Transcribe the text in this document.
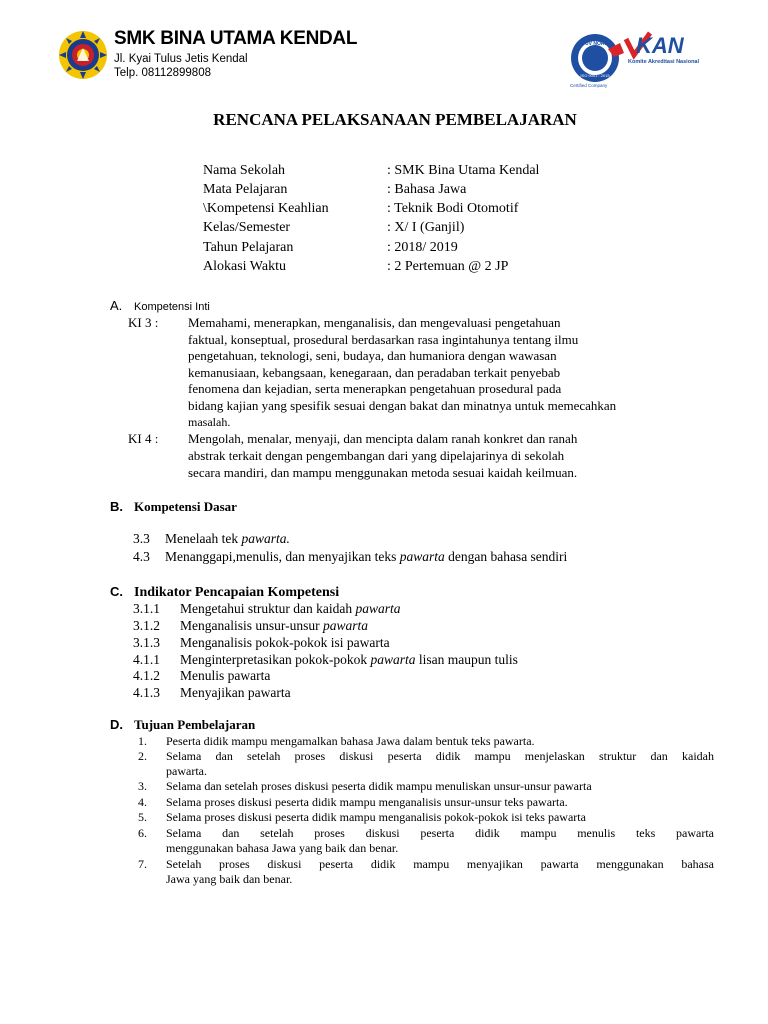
SMK BINA UTAMA KENDAL
Jl. Kyai Tulus Jetis Kendal
Telp. 08112899808
TÜV NORD
ISO 9001 : 2015
KAN
Komite Akreditasi Nasional
Certified Company
RENCANA PELAKSANAAN PEMBELAJARAN
Nama Sekolah	: SMK Bina Utama Kendal
Mata Pelajaran	: Bahasa Jawa
\Kompetensi Keahlian	: Teknik Bodi Otomotif
Kelas/Semester	: X/ I (Ganjil)
Tahun Pelajaran	: 2018/ 2019
Alokasi Waktu	: 2 Pertemuan @ 2 JP
A. Kompetensi Inti
KI 3 : Memahami, menerapkan, menganalisis, dan mengevaluasi pengetahuan
faktual, konseptual, prosedural berdasarkan rasa ingintahunya tentang ilmu
pengetahuan, teknologi, seni, budaya, dan humaniora dengan wawasan
kemanusiaan, kebangsaan, kenegaraan, dan peradaban terkait penyebab
fenomena dan kejadian, serta menerapkan pengetahuan prosedural pada
bidang kajian yang spesifik sesuai dengan bakat dan minatnya untuk memecahkan
masalah.
KI 4 : Mengolah, menalar, menyaji, dan mencipta dalam ranah konkret dan ranah
abstrak terkait dengan pengembangan dari yang dipelajarinya di sekolah
secara mandiri, dan mampu menggunakan metoda sesuai kaidah keilmuan.
B. Kompetensi Dasar
3.3 Menelaah tek pawarta.
4.3 Menanggapi,menulis, dan menyajikan teks pawarta dengan bahasa sendiri
C. Indikator Pencapaian Kompetensi
3.1.1 Mengetahui struktur dan kaidah pawarta
3.1.2 Menganalisis unsur-unsur pawarta
3.1.3 Menganalisis pokok-pokok isi pawarta
4.1.1 Menginterpretasikan pokok-pokok pawarta lisan maupun tulis
4.1.2 Menulis pawarta
4.1.3 Menyajikan pawarta
D. Tujuan Pembelajaran
1. Peserta didik mampu mengamalkan bahasa Jawa dalam bentuk teks pawarta.
2. Selama dan setelah proses diskusi peserta didik mampu menjelaskan struktur dan kaidah
pawarta.
3. Selama dan setelah proses diskusi peserta didik mampu menuliskan unsur-unsur pawarta
4. Selama proses diskusi peserta didik mampu menganalisis unsur-unsur teks pawarta.
5. Selama proses diskusi peserta didik mampu menganalisis pokok-pokok isi teks pawarta
6. Selama dan setelah proses diskusi peserta didik mampu menulis teks pawarta
menggunakan bahasa Jawa yang baik dan benar.
7. Setelah proses diskusi peserta didik mampu menyajikan pawarta menggunakan bahasa
Jawa yang baik dan benar.
